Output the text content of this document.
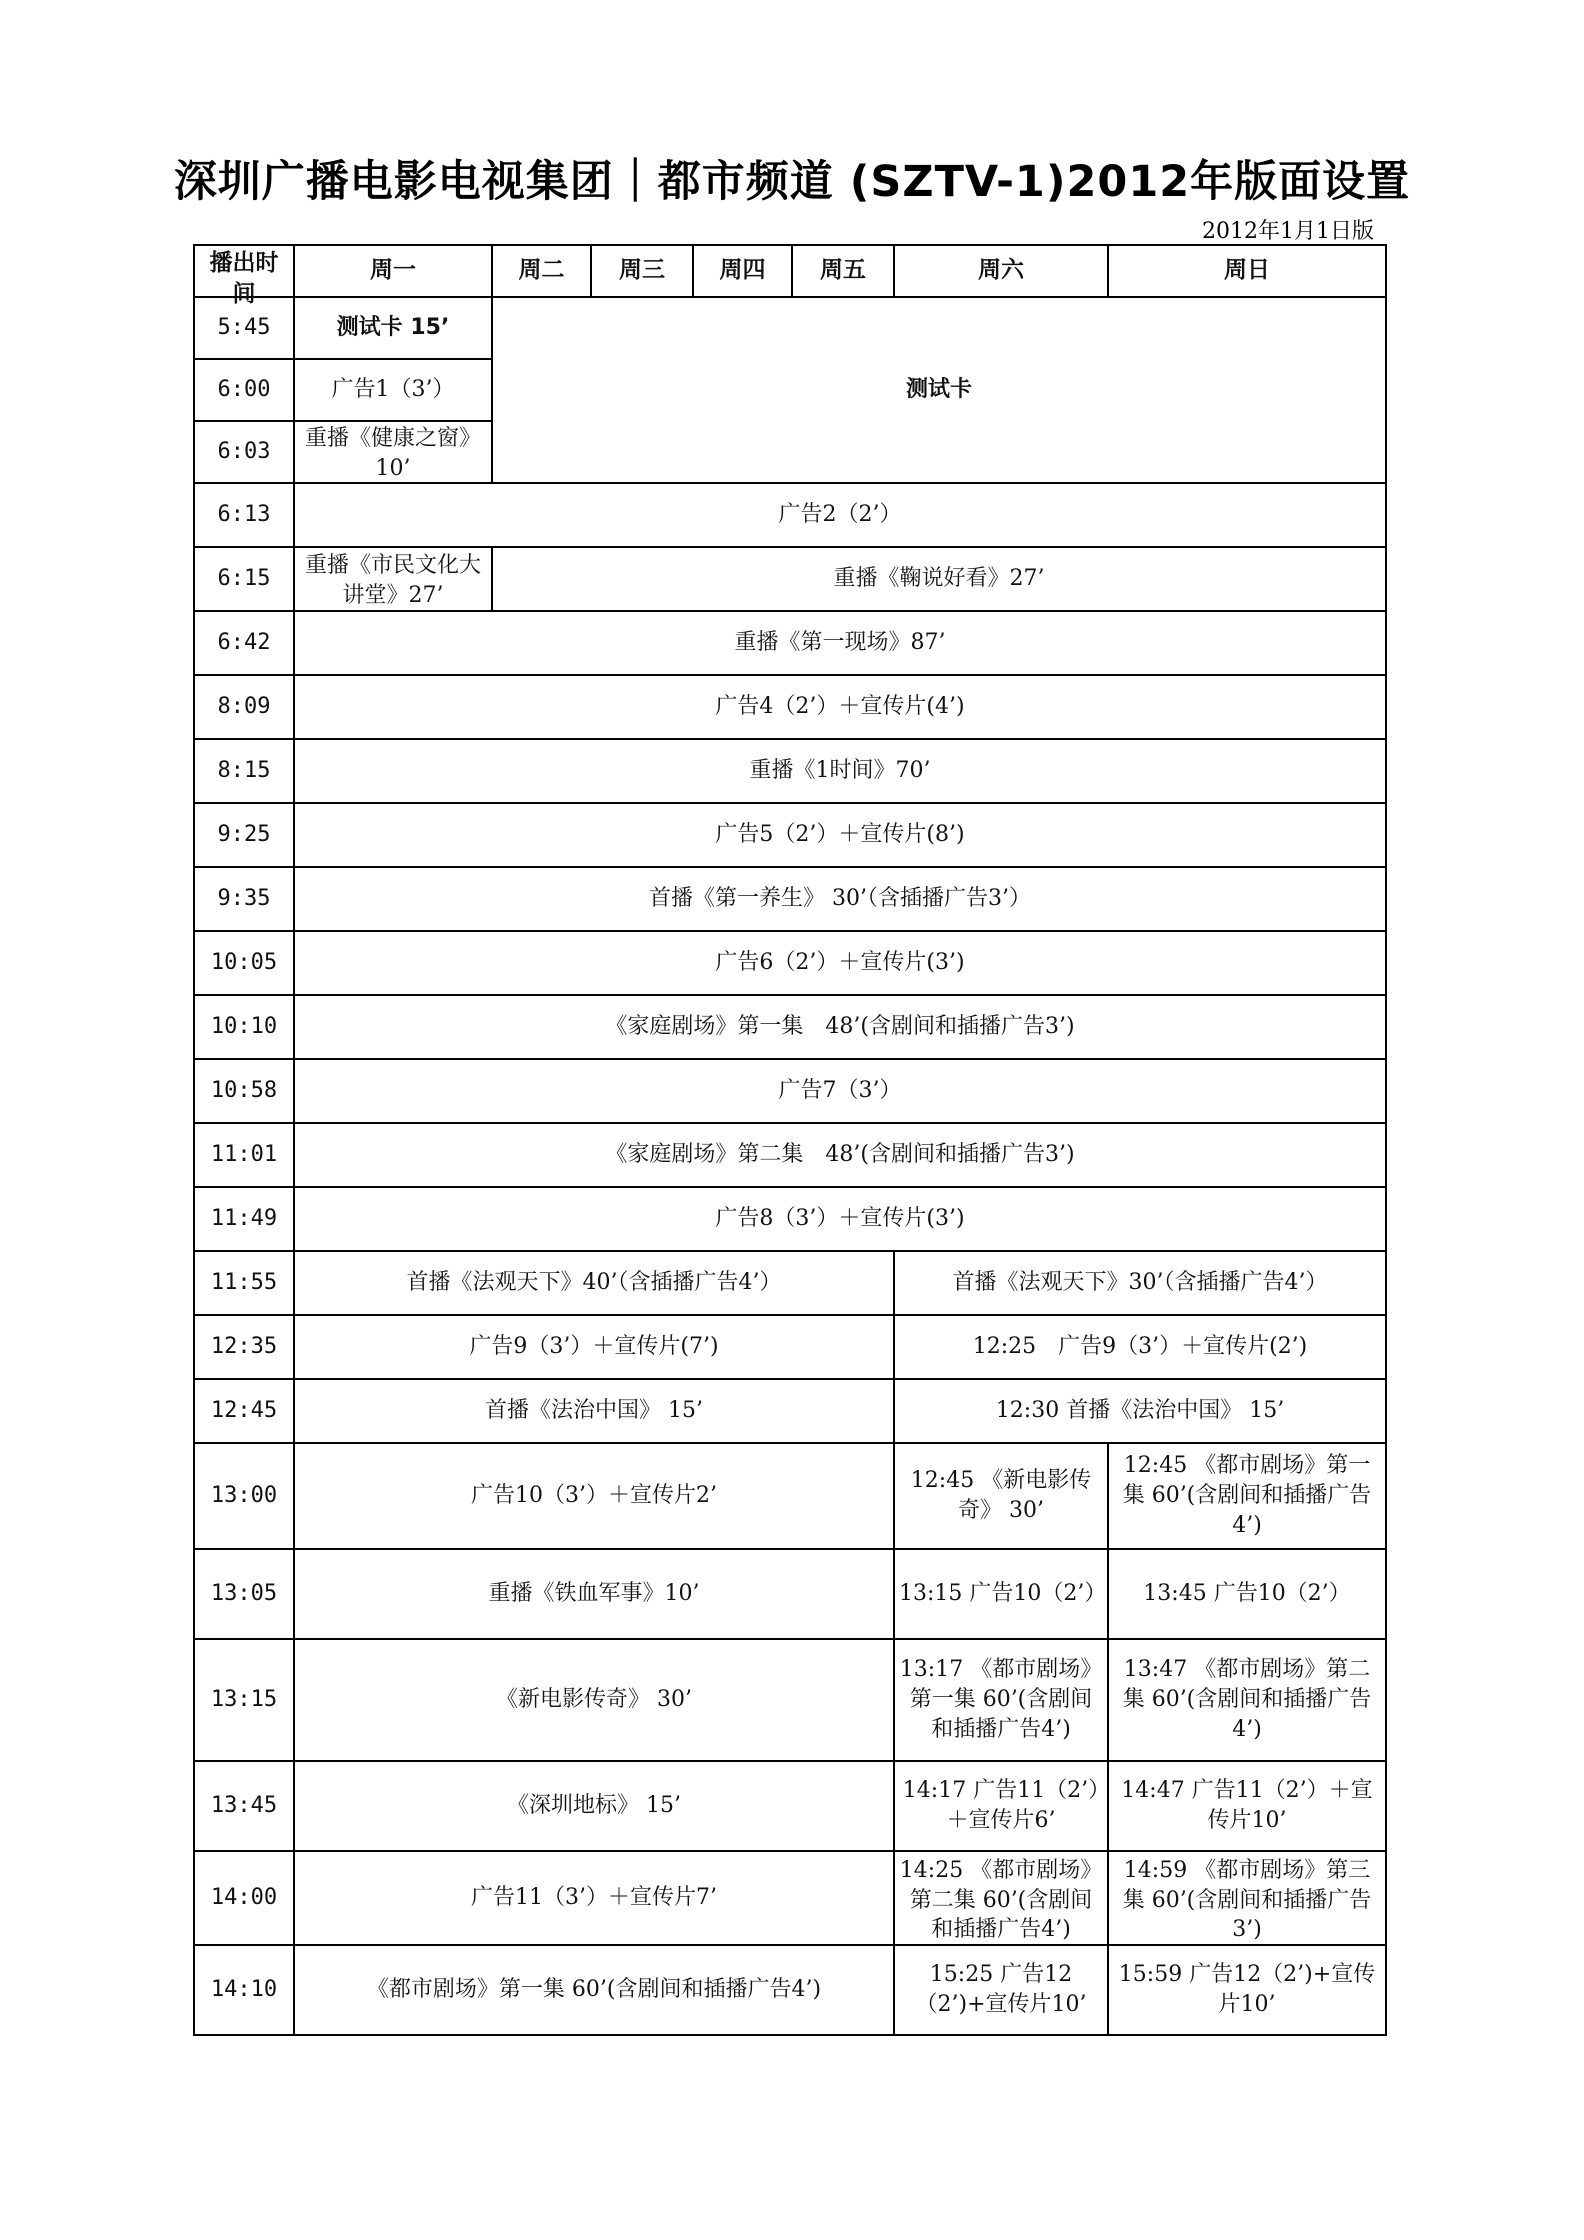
深圳广播电影电视集团｜都市频道 (SZTV-1)2012年版面设置
2012年1月1日版
播出时间	周一	周二	周三	周四	周五	周六	周日
5:45	测试卡 15’	测试卡					
6:00	广告1（3’）						

6:03	重播《健康之窗》10’						

6:13	广告2（2’）						
6:15	重播《市民文化大讲堂》27’	重播《鞠说好看》27’					
6:42	重播《第一现场》87’						
8:09	广告4（2’）＋宣传片(4’)						
8:15	重播《1时间》70’						
9:25	广告5（2’）＋宣传片(8’)						
9:35	首播《第一养生》 30’（含插播广告3’）						
10:05	广告6（2’）＋宣传片(3’)						
10:10	《家庭剧场》第一集　48’(含剧间和插播广告3’)						
10:58	广告7（3’）						
11:01	《家庭剧场》第二集　48’(含剧间和插播广告3’)						
11:49	广告8（3’）＋宣传片(3’)						
11:55	首播《法观天下》40’（含插播广告4’）					首播《法观天下》30’（含插播广告4’）	

12:35	广告9（3’）＋宣传片(7’)					12:25　广告9（3’）＋宣传片(2’)	
12:45	首播《法治中国》 15’					12:30 首播《法治中国》 15’	
13:00	广告10（3’）＋宣传片2’					12:45 《新电影传奇》 30’	12:45 《都市剧场》第一集 60’(含剧间和插播广告4’)

13:05	重播《铁血军事》10’					13:15 广告10（2’）	13:45 广告10（2’）
13:15	《新电影传奇》 30’					13:17 《都市剧场》第一集 60’(含剧间和插播广告4’)	13:47 《都市剧场》第二集 60’(含剧间和插播广告4’)

13:45	《深圳地标》 15’					14:17 广告11（2’）＋宣传片6’	14:47 广告11（2’）＋宣传片10’

14:00	广告11（3’）＋宣传片7’					14:25 《都市剧场》第二集 60’(含剧间和插播广告4’)	14:59 《都市剧场》第三集 60’(含剧间和插播广告3’)

14:10	《都市剧场》第一集 60’(含剧间和插播广告4’)					15:25 广告12（2’)+宣传片10’	15:59 广告12（2’)+宣传片10’
